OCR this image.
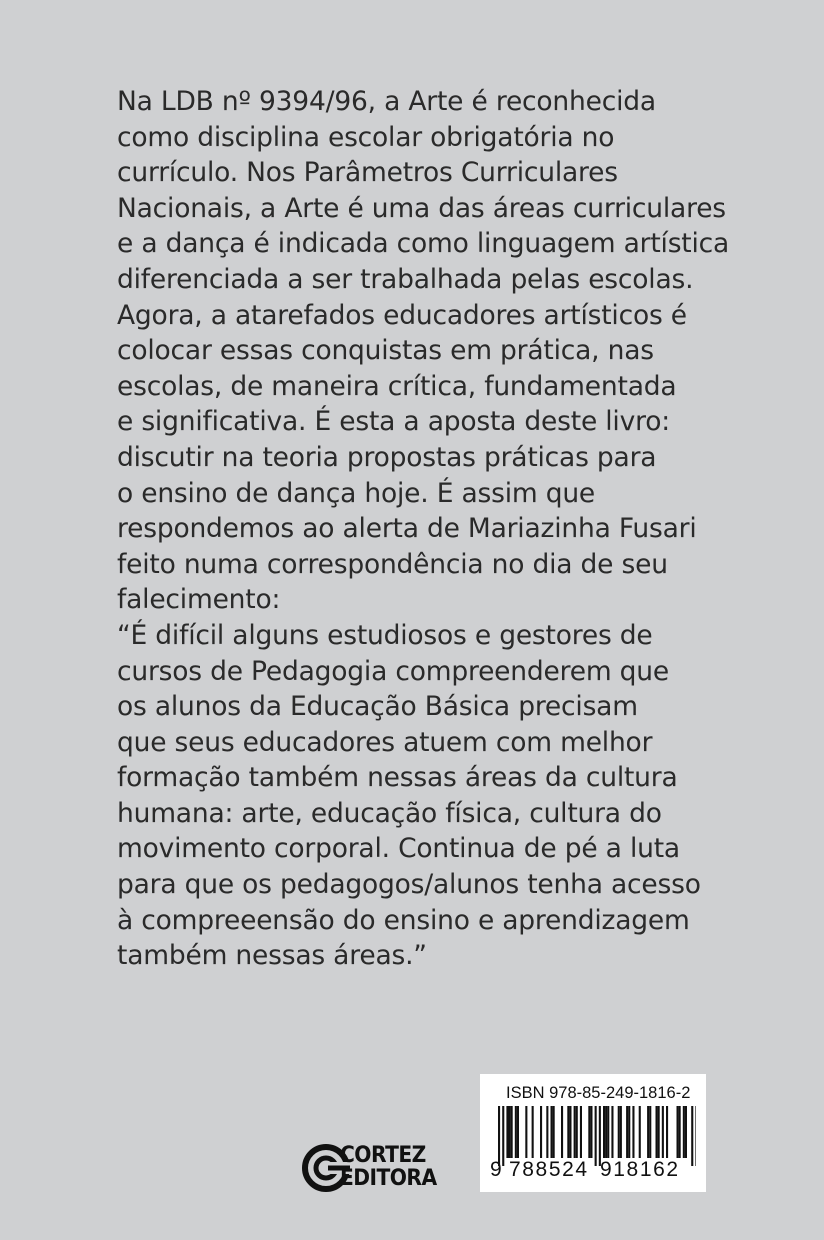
Na LDB nº 9394/96, a Arte é reconhecida
como disciplina escolar obrigatória no
currículo. Nos Parâmetros Curriculares
Nacionais, a Arte é uma das áreas curriculares
e a dança é indicada como linguagem artística
diferenciada a ser trabalhada pelas escolas.
Agora, a atarefados educadores artísticos é
colocar essas conquistas em prática, nas
escolas, de maneira crítica, fundamentada
e significativa. É esta a aposta deste livro:
discutir na teoria propostas práticas para
o ensino de dança hoje. É assim que
respondemos ao alerta de Mariazinha Fusari
feito numa correspondência no dia de seu
falecimento:
“É difícil alguns estudiosos e gestores de
cursos de Pedagogia compreenderem que
os alunos da Educação Básica precisam
que seus educadores atuem com melhor
formação também nessas áreas da cultura
humana: arte, educação física, cultura do
movimento corporal. Continua de pé a luta
para que os pedagogos/alunos tenha acesso
à compreeensão do ensino e aprendizagem
também nessas áreas.”
CORTEZ
EDITORA
ISBN 978-85-249-1816-2
9 788524 918162
